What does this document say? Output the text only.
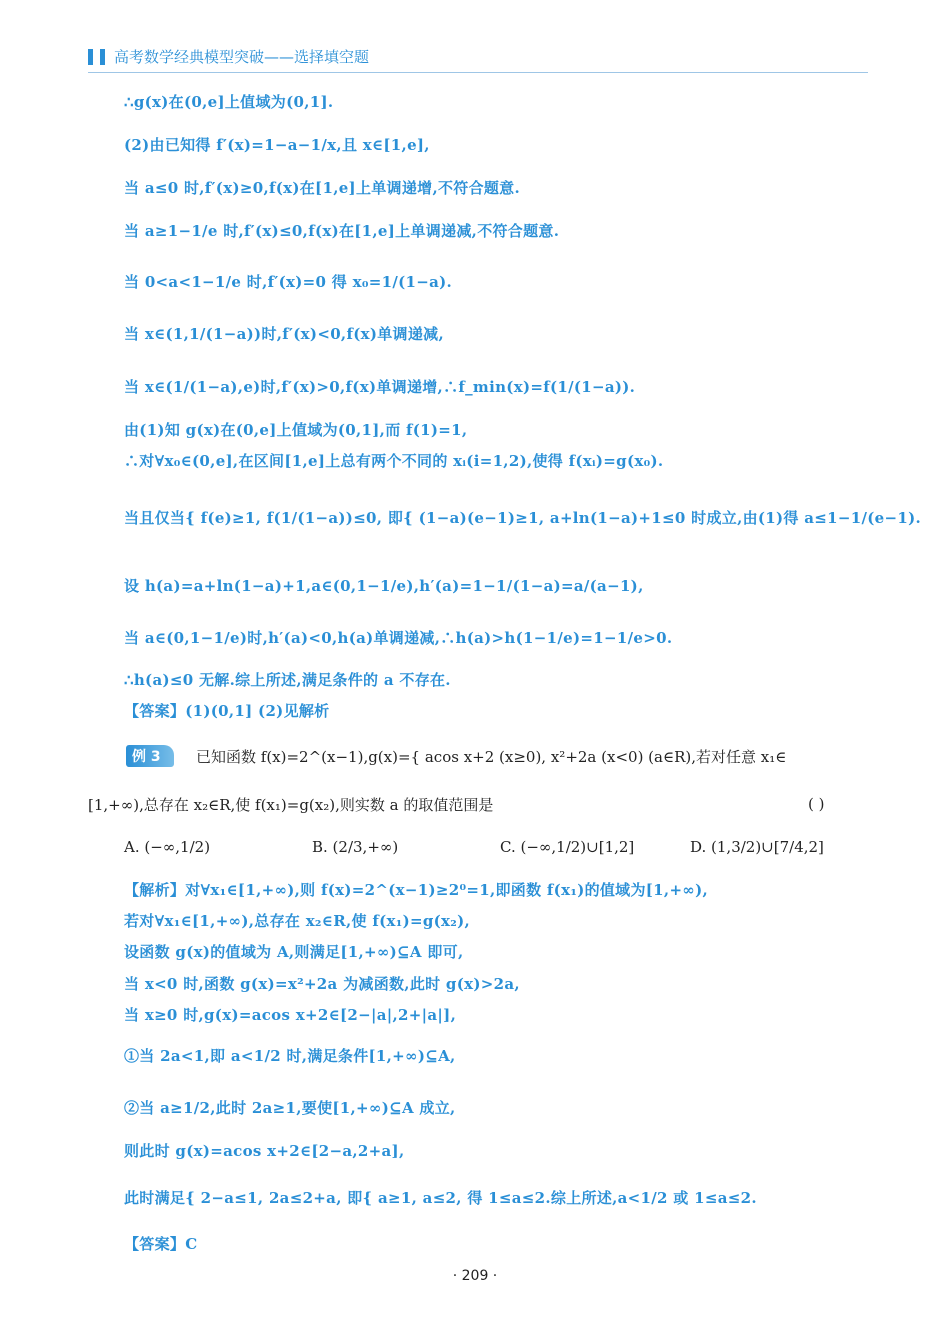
高考数学经典模型突破——选择填空题
∴g(x)在(0,e]上值域为(0,1].
(2)由已知得 f′(x)=1−a−1/x,且 x∈[1,e],
当 a≤0 时,f′(x)≥0,f(x)在[1,e]上单调递增,不符合题意.
当 a≥1−1/e 时,f′(x)≤0,f(x)在[1,e]上单调递减,不符合题意.
当 0<a<1−1/e 时,f′(x)=0 得 x₀=1/(1−a).
当 x∈(1,1/(1−a))时,f′(x)<0,f(x)单调递减,
当 x∈(1/(1−a),e)时,f′(x)>0,f(x)单调递增,∴f_min(x)=f(1/(1−a)).
由(1)知 g(x)在(0,e]上值域为(0,1],而 f(1)=1,
∴对∀x₀∈(0,e],在区间[1,e]上总有两个不同的 xᵢ(i=1,2),使得 f(xᵢ)=g(x₀).
当且仅当{ f(e)≥1, f(1/(1−a))≤0, 即{ (1−a)(e−1)≥1, a+ln(1−a)+1≤0 时成立,由(1)得 a≤1−1/(e−1).
设 h(a)=a+ln(1−a)+1,a∈(0,1−1/e),h′(a)=1−1/(1−a)=a/(a−1),
当 a∈(0,1−1/e)时,h′(a)<0,h(a)单调递减,∴h(a)>h(1−1/e)=1−1/e>0.
∴h(a)≤0 无解.综上所述,满足条件的 a 不存在.
【答案】(1)(0,1] (2)见解析
例 3 已知函数 f(x)=2^(x−1),g(x)={ acos x+2 (x≥0), x²+2a (x<0) (a∈R),若对任意 x₁∈
[1,+∞),总存在 x₂∈R,使 f(x₁)=g(x₂),则实数 a 的取值范围是	( )
A. (−∞,1/2)	B. (2/3,+∞)	C. (−∞,1/2)∪[1,2]	D. (1,3/2)∪[7/4,2]
【解析】对∀x₁∈[1,+∞),则 f(x)=2^(x−1)≥2⁰=1,即函数 f(x₁)的值域为[1,+∞),
若对∀x₁∈[1,+∞),总存在 x₂∈R,使 f(x₁)=g(x₂),
设函数 g(x)的值域为 A,则满足[1,+∞)⊆A 即可,
当 x<0 时,函数 g(x)=x²+2a 为减函数,此时 g(x)>2a,
当 x≥0 时,g(x)=acos x+2∈[2−|a|,2+|a|],
①当 2a<1,即 a<1/2 时,满足条件[1,+∞)⊆A,
②当 a≥1/2,此时 2a≥1,要使[1,+∞)⊆A 成立,
则此时 g(x)=acos x+2∈[2−a,2+a],
此时满足{ 2−a≤1, 2a≤2+a, 即{ a≥1, a≤2, 得 1≤a≤2.综上所述,a<1/2 或 1≤a≤2.
【答案】C
· 209 ·
